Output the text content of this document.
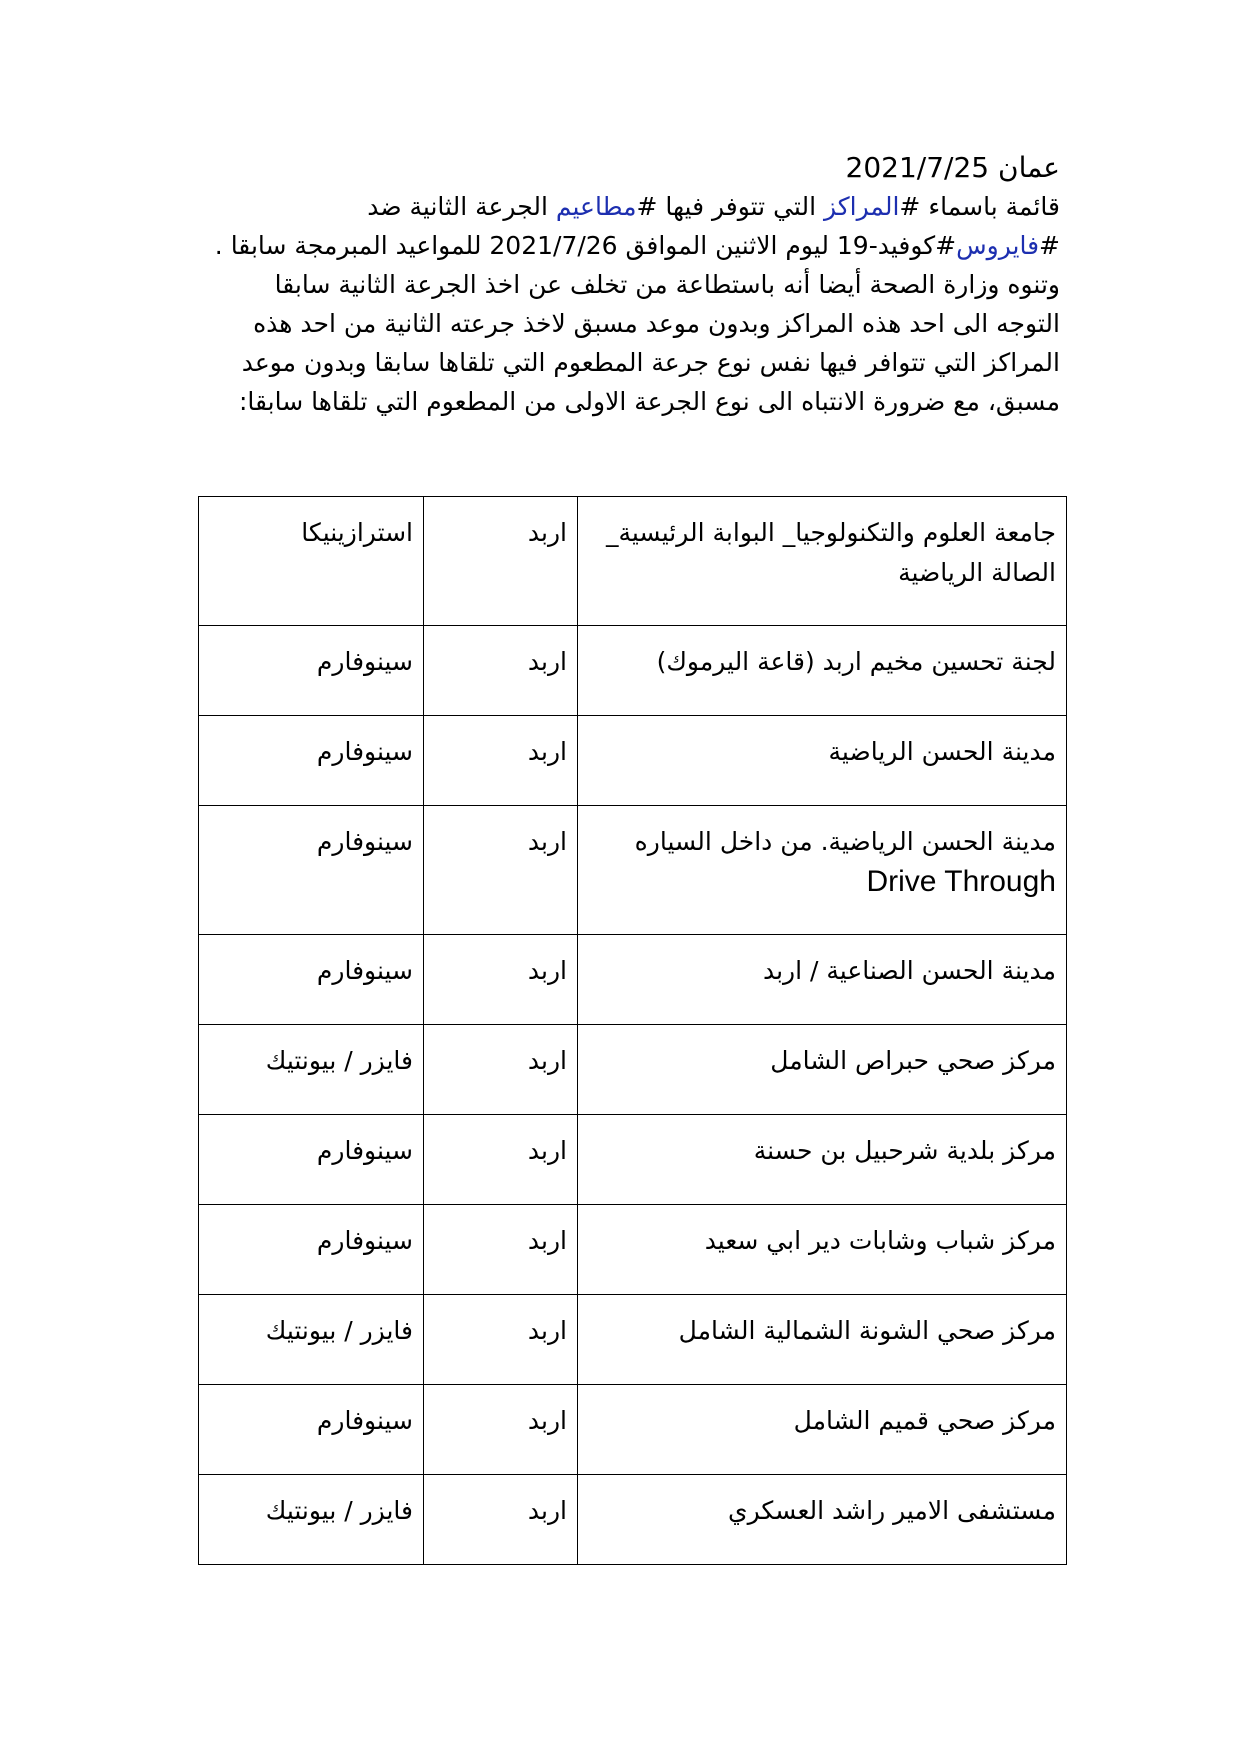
عمان 2021/7/25

قائمة باسماء #المراكز التي تتوفر فيها #مطاعيم الجرعة الثانية ضد

#فايروس#كوفيد-19 ليوم الاثنين الموافق 2021/7/26 للمواعيد المبرمجة سابقا .

وتنوه وزارة الصحة أيضا أنه باستطاعة من تخلف عن اخذ الجرعة الثانية سابقا

التوجه الى احد هذه المراكز وبدون موعد مسبق لاخذ جرعته الثانية من احد هذه

المراكز التي تتوافر فيها نفس نوع جرعة المطعوم التي تلقاها سابقا وبدون موعد

مسبق، مع ضرورة الانتباه الى نوع الجرعة الاولى من المطعوم التي تلقاها سابقا:

جامعة العلوم والتكنولوجيا_ البوابة الرئيسية_ الصالة الرياضية	اربد	استرازينيكا
لجنة تحسين مخيم اربد (قاعة اليرموك)	اربد	سينوفارم
مدينة الحسن الرياضية	اربد	سينوفارم
مدينة الحسن الرياضية. من داخل السياره
Drive Through	اربد	سينوفارم
مدينة الحسن الصناعية / اربد	اربد	سينوفارم
مركز صحي حبراص الشامل	اربد	فايزر / بيونتيك
مركز بلدية شرحبيل بن حسنة	اربد	سينوفارم
مركز شباب وشابات دير ابي سعيد	اربد	سينوفارم
مركز صحي الشونة الشمالية الشامل	اربد	فايزر / بيونتيك
مركز صحي قميم الشامل	اربد	سينوفارم
مستشفى الامير راشد العسكري	اربد	فايزر / بيونتيك
